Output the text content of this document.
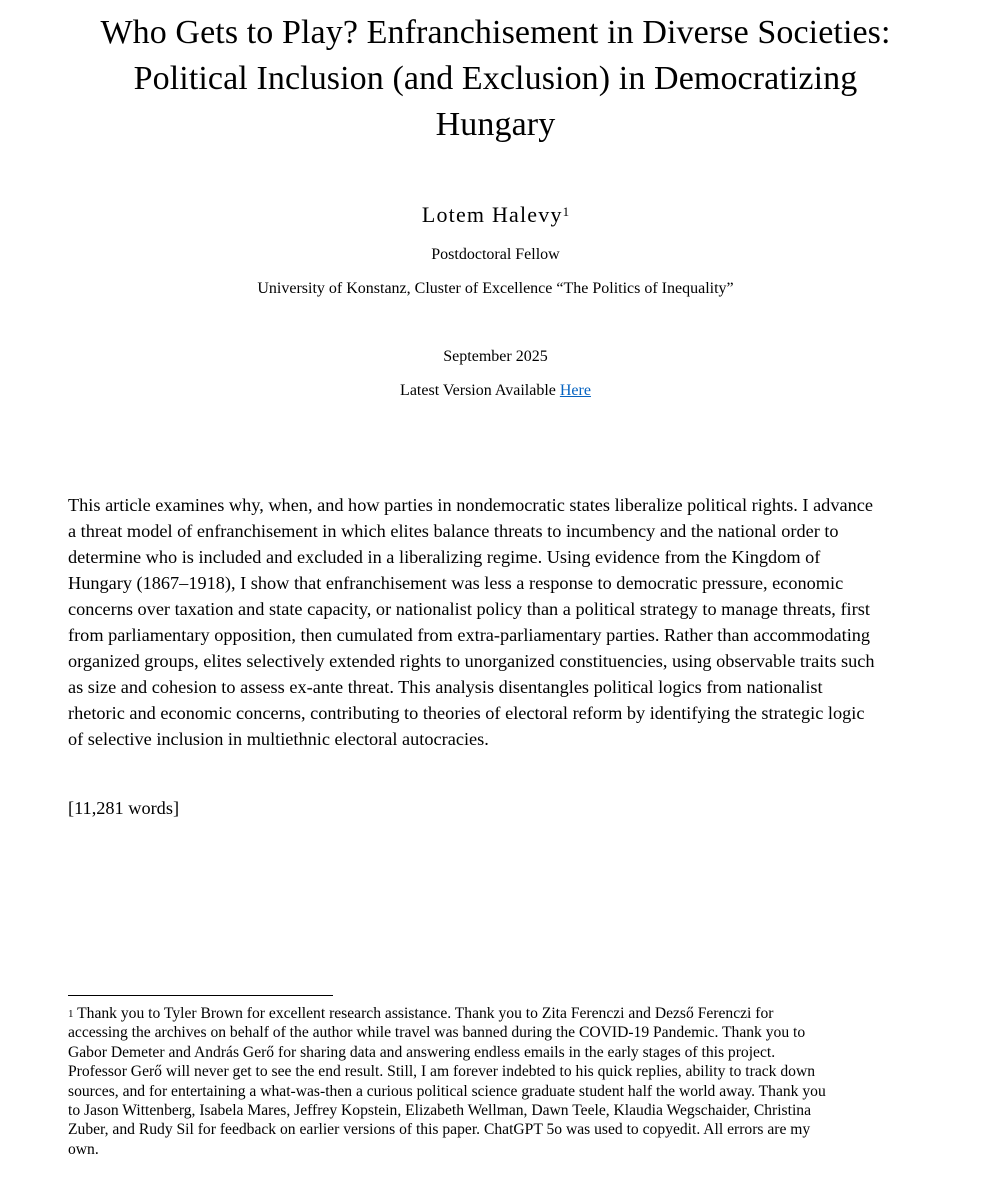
Who Gets to Play? Enfranchisement in Diverse Societies:
Political Inclusion (and Exclusion) in Democratizing
Hungary
Lotem Halevy$^1$
Postdoctoral Fellow
University of Konstanz, Cluster of Excellence “The Politics of Inequality”
September 2025
Latest Version Available Here

This article examines why, when, and how parties in nondemocratic states liberalize political rights. I advance
a threat model of enfranchisement in which elites balance threats to incumbency and the national order to
determine who is included and excluded in a liberalizing regime. Using evidence from the Kingdom of
Hungary (1867–1918), I show that enfranchisement was less a response to democratic pressure, economic
concerns over taxation and state capacity, or nationalist policy than a political strategy to manage threats, first
from parliamentary opposition, then cumulated from extra-parliamentary parties. Rather than accommodating
organized groups, elites selectively extended rights to unorganized constituencies, using observable traits such
as size and cohesion to assess ex-ante threat. This analysis disentangles political logics from nationalist
rhetoric and economic concerns, contributing to theories of electoral reform by identifying the strategic logic
of selective inclusion in multiethnic electoral autocracies.

[11,281 words]

$^1$ Thank you to Tyler Brown for excellent research assistance. Thank you to Zita Ferenczi and Dezső Ferenczi for
accessing the archives on behalf of the author while travel was banned during the COVID-19 Pandemic. Thank you to
Gabor Demeter and András Gerő for sharing data and answering endless emails in the early stages of this project.
Professor Gerő will never get to see the end result. Still, I am forever indebted to his quick replies, ability to track down
sources, and for entertaining a what-was-then a curious political science graduate student half the world away. Thank you
to Jason Wittenberg, Isabela Mares, Jeffrey Kopstein, Elizabeth Wellman, Dawn Teele, Klaudia Wegschaider, Christina
Zuber, and Rudy Sil for feedback on earlier versions of this paper. ChatGPT 5o was used to copyedit. All errors are my
own.
